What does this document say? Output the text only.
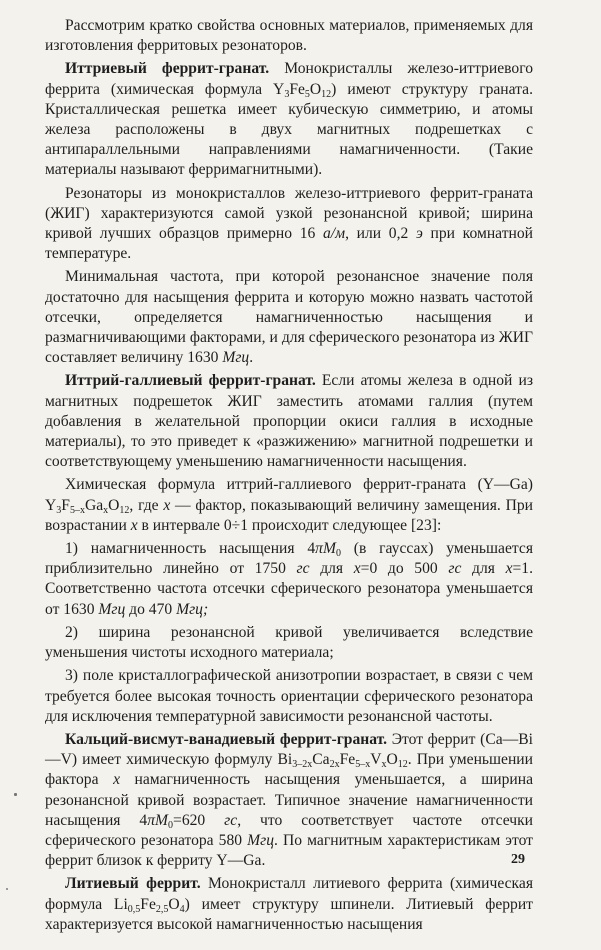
Рассмотрим кратко свойства основных материалов, применяемых для изготовления ферритовых резонаторов.

Иттриевый феррит-гранат. Монокристаллы железо-иттриевого феррита (химическая формула $Y_3Fe_5O_{12}$) имеют структуру граната. Кристаллическая решетка имеет кубическую симметрию, и атомы железа расположены в двух магнитных подрешетках с антипараллельными направлениями намагниченности. (Такие материалы называют ферримагнитными).

Резонаторы из монокристаллов железо-иттриевого феррит-граната (ЖИГ) характеризуются самой узкой резонансной кривой; ширина кривой лучших образцов примерно 16 а/м, или 0,2 э при комнатной температуре.

Минимальная частота, при которой резонансное значение поля достаточно для насыщения феррита и которую можно назвать частотой отсечки, определяется намагниченностью насыщения и размагничивающими факторами, и для сферического резонатора из ЖИГ составляет величину 1630 Мгц.

Иттрий-галлиевый феррит-гранат. Если атомы железа в одной из магнитных подрешеток ЖИГ заместить атомами галлия (путем добавления в желательной пропорции окиси галлия в исходные материалы), то это приведет к «разжижению» магнитной подрешетки и соответствующему уменьшению намагниченности насыщения.

Химическая формула иттрий-галлиевого феррит-граната (Y—Ga) $Y_3F_{5-x}Ga_xO_{12}$, где x — фактор, показывающий величину замещения. При возрастании x в интервале 0÷1 происходит следующее [23]:

1) намагниченность насыщения $4\pi M_0$ (в гауссах) уменьшается приблизительно линейно от 1750 гс для x=0 до 500 гс для x=1. Соответственно частота отсечки сферического резонатора уменьшается от 1630 Мгц до 470 Мгц;

2) ширина резонансной кривой увеличивается вследствие уменьшения чистоты исходного материала;

3) поле кристаллографической анизотропии возрастает, в связи с чем требуется более высокая точность ориентации сферического резонатора для исключения температурной зависимости резонансной частоты.

Кальций-висмут-ванадиевый феррит-гранат. Этот феррит (Ca—Bi—V) имеет химическую формулу $Bi_{3-2x}Ca_{2x}Fe_{5-x}V_xO_{12}$. При уменьшении фактора x намагниченность насыщения уменьшается, а ширина резонансной кривой возрастает. Типичное значение намагниченности насыщения $4\pi M_0=620$ гс, что соответствует частоте отсечки сферического резонатора 580 Мгц. По магнитным характеристикам этот феррит близок к ферриту Y—Ga.

Литиевый феррит. Монокристалл литиевого феррита (химическая формула $Li_{0,5}Fe_{2,5}O_4$) имеет структуру шпинели. Литиевый феррит характеризуется высокой намагниченностью насыщения

29
